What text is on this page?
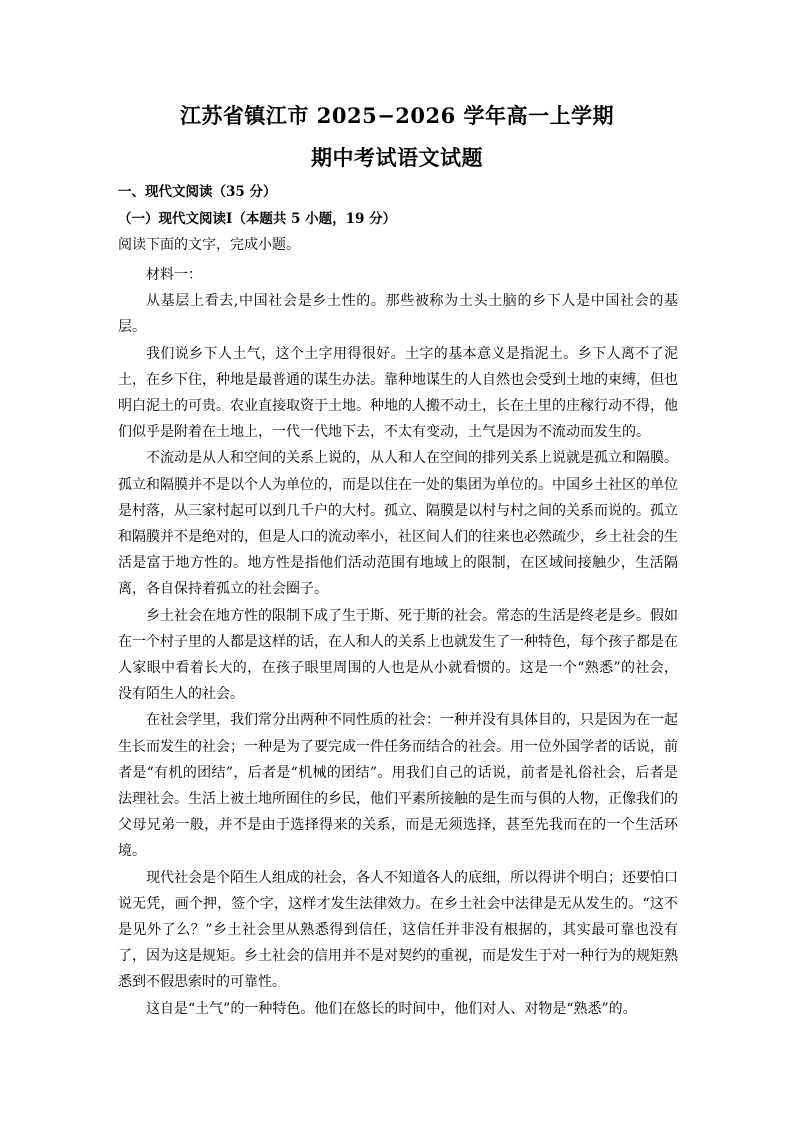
江苏省镇江市 2025−2026 学年高一上学期
期中考试语文试题
一、现代文阅读（35 分）
（一）现代文阅读Ⅰ（本题共 5 小题，19 分）

阅读下面的文字，完成小题。

材料一：

从基层上看去,中国社会是乡土性的。那些被称为土头土脑的乡下人是中国社会的基层。

我们说乡下人土气，这个土字用得很好。土字的基本意义是指泥土。乡下人离不了泥土，在乡下住，种地是最普通的谋生办法。靠种地谋生的人自然也会受到土地的束缚，但也明白泥土的可贵。农业直接取资于土地。种地的人搬不动土，长在土里的庄稼行动不得，他们似乎是附着在土地上，一代一代地下去，不太有变动，土气是因为不流动而发生的。

不流动是从人和空间的关系上说的，从人和人在空间的排列关系上说就是孤立和隔膜。孤立和隔膜并不是以个人为单位的，而是以住在一处的集团为单位的。中国乡土社区的单位是村落，从三家村起可以到几千户的大村。孤立、隔膜是以村与村之间的关系而说的。孤立和隔膜并不是绝对的，但是人口的流动率小，社区间人们的往来也必然疏少，乡土社会的生活是富于地方性的。地方性是指他们活动范围有地域上的限制，在区域间接触少，生活隔离，各自保持着孤立的社会圈子。

乡土社会在地方性的限制下成了生于斯、死于斯的社会。常态的生活是终老是乡。假如在一个村子里的人都是这样的话，在人和人的关系上也就发生了一种特色，每个孩子都是在人家眼中看着长大的，在孩子眼里周围的人也是从小就看惯的。这是一个“熟悉”的社会，没有陌生人的社会。

在社会学里，我们常分出两种不同性质的社会：一种并没有具体目的，只是因为在一起生长而发生的社会；一种是为了要完成一件任务而结合的社会。用一位外国学者的话说，前者是“有机的团结”，后者是“机械的团结”。用我们自己的话说，前者是礼俗社会，后者是法理社会。生活上被土地所囿住的乡民，他们平素所接触的是生而与俱的人物，正像我们的父母兄弟一般，并不是由于选择得来的关系，而是无须选择，甚至先我而在的一个生活环境。

现代社会是个陌生人组成的社会，各人不知道各人的底细，所以得讲个明白；还要怕口说无凭，画个押，签个字，这样才发生法律效力。在乡土社会中法律是无从发生的。“这不是见外了么？”乡土社会里从熟悉得到信任，这信任并非没有根据的，其实最可靠也没有了，因为这是规矩。乡土社会的信用并不是对契约的重视，而是发生于对一种行为的规矩熟悉到不假思索时的可靠性。

这自是“土气”的一种特色。他们在悠长的时间中，他们对人、对物是“熟悉”的。
